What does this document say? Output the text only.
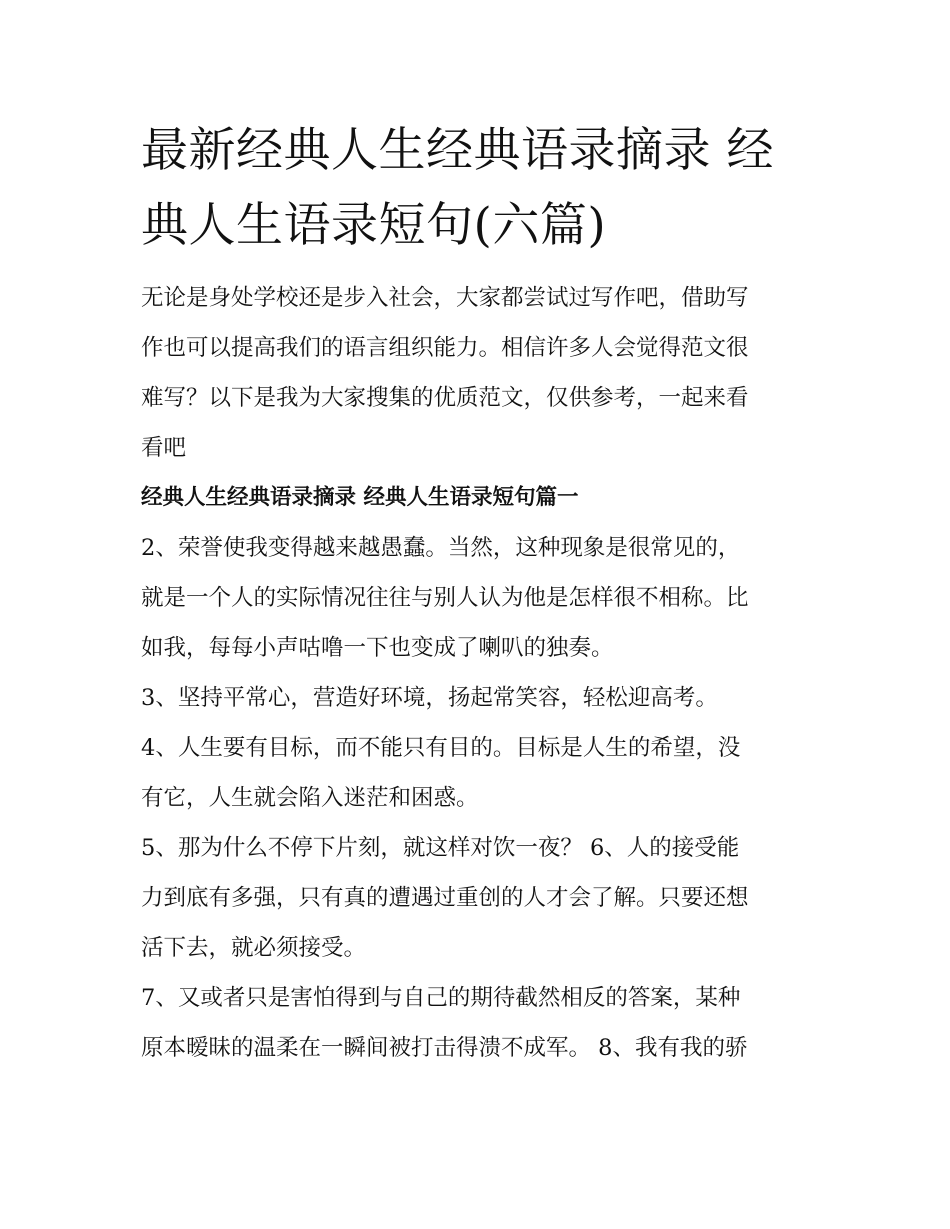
最新经典人生经典语录摘录 经
典人生语录短句(六篇)

无论是身处学校还是步入社会，大家都尝试过写作吧，借助写
作也可以提高我们的语言组织能力。相信许多人会觉得范文很
难写？以下是我为大家搜集的优质范文，仅供参考，一起来看
看吧

经典人生经典语录摘录 经典人生语录短句篇一

2、荣誉使我变得越来越愚蠢。当然，这种现象是很常见的，
就是一个人的实际情况往往与别人认为他是怎样很不相称。比
如我，每每小声咕噜一下也变成了喇叭的独奏。

3、坚持平常心，营造好环境，扬起常笑容，轻松迎高考。

4、人生要有目标，而不能只有目的。目标是人生的希望，没
有它，人生就会陷入迷茫和困惑。

5、那为什么不停下片刻，就这样对饮一夜？ 6、人的接受能
力到底有多强，只有真的遭遇过重创的人才会了解。只要还想
活下去，就必须接受。

7、又或者只是害怕得到与自己的期待截然相反的答案，某种
原本暧昧的温柔在一瞬间被打击得溃不成军。 8、我有我的骄
